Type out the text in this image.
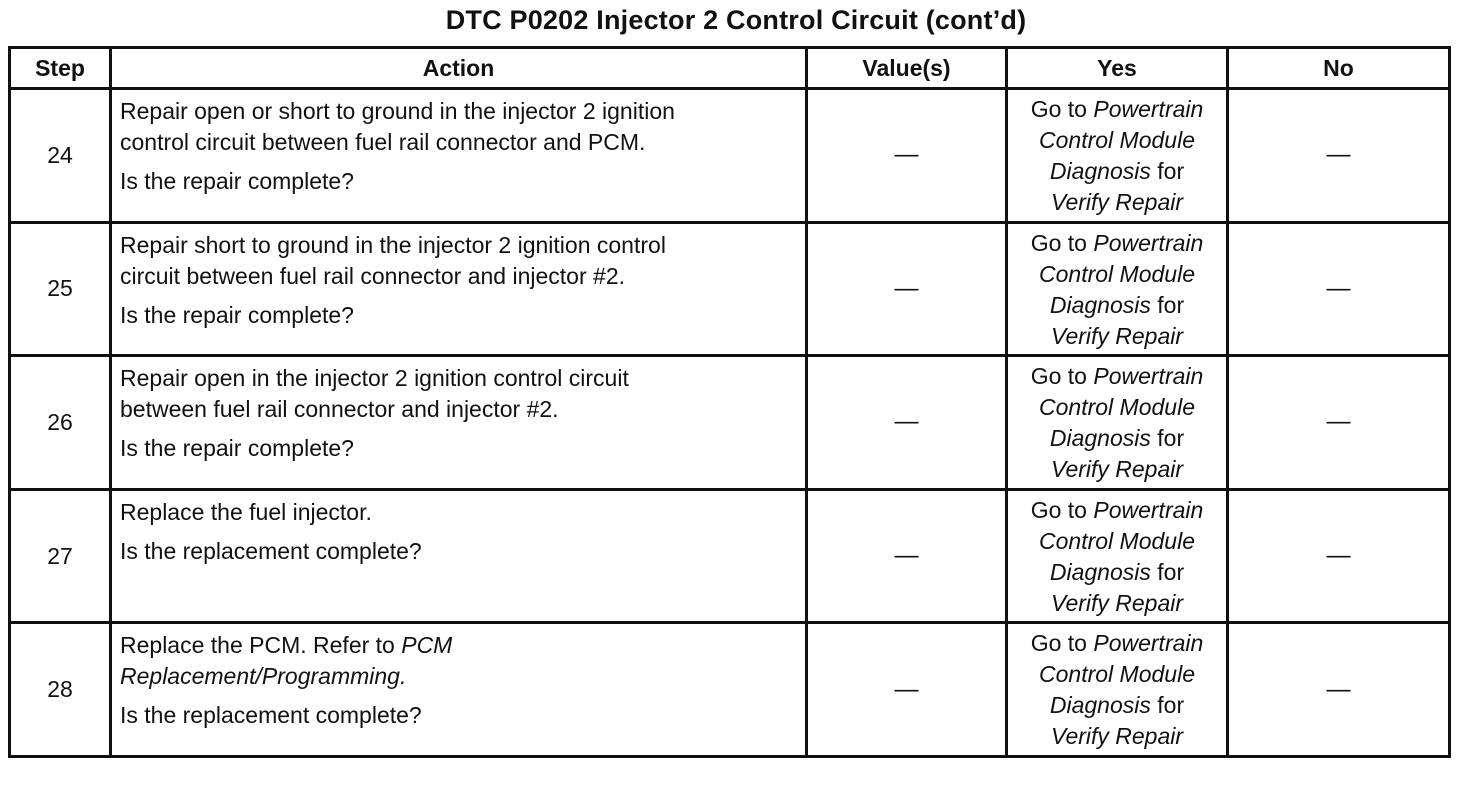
DTC P0202 Injector 2 Control Circuit (cont’d)
Step	Action	Value(s)	Yes	No
24	Repair open or short to ground in the injector 2 ignition
control circuit between fuel rail connector and PCM.
Is the repair complete?	—	Go to Powertrain
Control Module
Diagnosis for
Verify Repair	—
25	Repair short to ground in the injector 2 ignition control
circuit between fuel rail connector and injector #2.
Is the repair complete?	—	Go to Powertrain
Control Module
Diagnosis for
Verify Repair	—
26	Repair open in the injector 2 ignition control circuit
between fuel rail connector and injector #2.
Is the repair complete?	—	Go to Powertrain
Control Module
Diagnosis for
Verify Repair	—
27	Replace the fuel injector.
Is the replacement complete?	—	Go to Powertrain
Control Module
Diagnosis for
Verify Repair	—
28	Replace the PCM. Refer to PCM
Replacement/Programming.
Is the replacement complete?	—	Go to Powertrain
Control Module
Diagnosis for
Verify Repair	—
